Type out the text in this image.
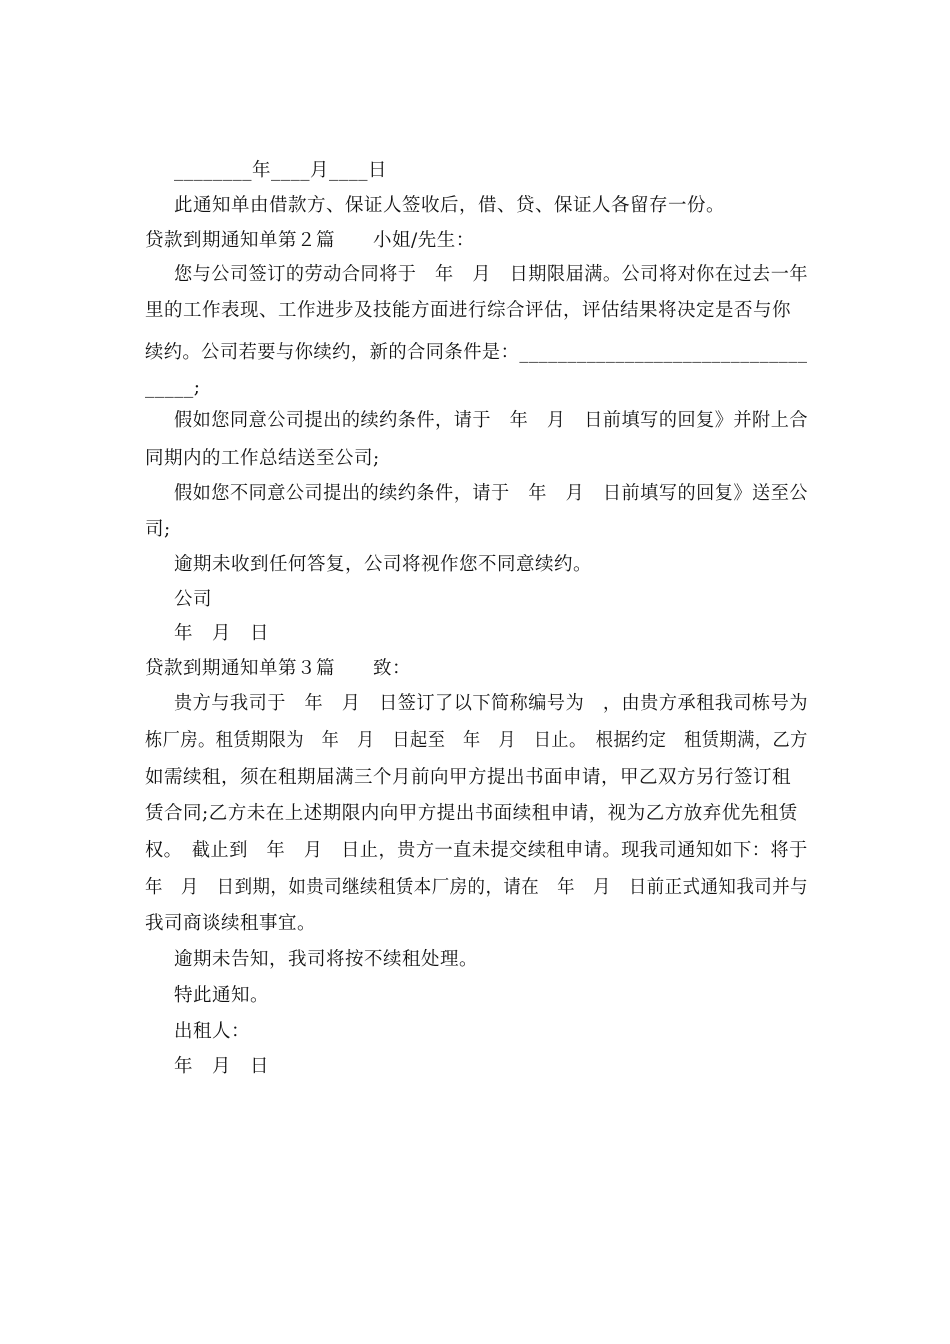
________年____月____日
此通知单由借款方、保证人签收后，借、贷、保证人各留存一份。
贷款到期通知单第２篇　　小姐/先生：
您与公司签订的劳动合同将于　年　月　日期限届满。公司将对你在过去一年
里的工作表现、工作进步及技能方面进行综合评估，评估结果将决定是否与你
续约。公司若要与你续约，新的合同条件是：______________________________
_____;
假如您同意公司提出的续约条件，请于　年　月　日前填写的回复》并附上合
同期内的工作总结送至公司;
假如您不同意公司提出的续约条件，请于　年　月　日前填写的回复》送至公
司;
逾期未收到任何答复，公司将视作您不同意续约。
公司
年　月　日
贷款到期通知单第３篇　　致：
贵方与我司于　年　月　日签订了以下简称编号为　，由贵方承租我司栋号为
栋厂房。租赁期限为　年　月　日起至　年　月　日止。　根据约定　租赁期满，乙方
如需续租，须在租期届满三个月前向甲方提出书面申请，甲乙双方另行签订租
赁合同;乙方未在上述期限内向甲方提出书面续租申请，视为乙方放弃优先租赁
权。　截止到　年　月　日止，贵方一直未提交续租申请。现我司通知如下：将于
年　月　日到期，如贵司继续租赁本厂房的，请在　年　月　日前正式通知我司并与
我司商谈续租事宜。
逾期未告知，我司将按不续租处理。
特此通知。
出租人：
年　月　日
